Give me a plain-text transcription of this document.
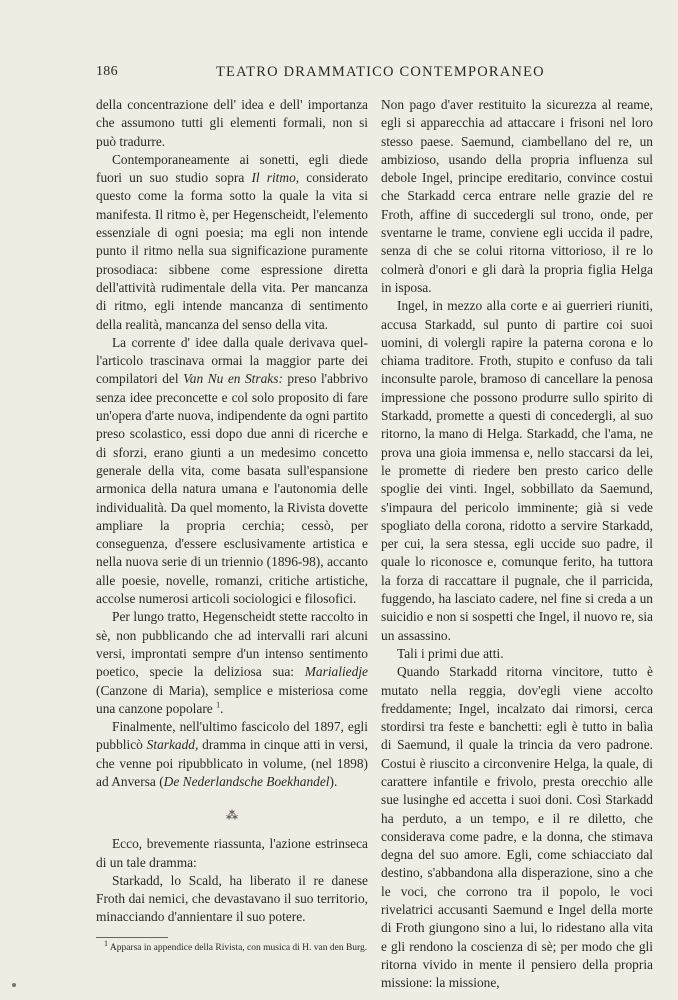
186	TEATRO DRAMMATICO CONTEMPORANEO

della concentrazione dell' idea e dell' importanza che assumono tutti gli elementi formali, non si può tradurre.

Contemporaneamente ai sonetti, egli diede fuori un suo studio sopra Il ritmo, considerato questo come la forma sotto la quale la vita si manifesta. Il ritmo è, per Hegenscheidt, l'elemento essenziale di ogni poesia; ma egli non intende punto il ritmo nella sua significazione puramente prosodiaca: sibbene come espressione diretta dell'attività rudimentale della vita. Per mancanza di ritmo, egli intende mancanza di sentimento della realità, mancanza del senso della vita.

La corrente d' idee dalla quale derivava quell'articolo trascinava ormai la maggior parte dei compilatori del Van Nu en Straks: preso l'abbrivo senza idee preconcette e col solo proposito di fare un'opera d'arte nuova, indipendente da ogni partito preso scolastico, essi dopo due anni di ricerche e di sforzi, erano giunti a un medesimo concetto generale della vita, come basata sull'espansione armonica della natura umana e l'autonomia delle individualità. Da quel momento, la Rivista dovette ampliare la propria cerchia; cessò, per conseguenza, d'essere esclusivamente artistica e nella nuova serie di un triennio (1896-98), accanto alle poesie, novelle, romanzi, critiche artistiche, accolse numerosi articoli sociologici e filosofici.

Per lungo tratto, Hegenscheidt stette raccolto in sè, non pubblicando che ad intervalli rari alcuni versi, improntati sempre d'un intenso sentimento poetico, specie la deliziosa sua: Marialiedje (Canzone di Maria), semplice e misteriosa come una canzone popolare $^1$.

Finalmente, nell'ultimo fascicolo del 1897, egli pubblicò Starkadd, dramma in cinque atti in versi, che venne poi ripubblicato in volume, (nel 1898) ad Anversa (De Nederlandsche Boekhandel).

⁂

Ecco, brevemente riassunta, l'azione estrinseca di un tale dramma:

Starkadd, lo Scald, ha liberato il re danese Froth dai nemici, che devastavano il suo territorio, minacciando d'annientare il suo potere.

$^1$ Apparsa in appendice della Rivista, con musica di H. van den Burg.

Non pago d'aver restituito la sicurezza al reame, egli si apparecchia ad attaccare i frisoni nel loro stesso paese. Saemund, ciambellano del re, un ambizioso, usando della propria influenza sul debole Ingel, principe ereditario, convince costui che Starkadd cerca entrare nelle grazie del re Froth, affine di succedergli sul trono, onde, per sventarne le trame, conviene egli uccida il padre, senza di che se colui ritorna vittorioso, il re lo colmerà d'onori e gli darà la propria figlia Helga in isposa.

Ingel, in mezzo alla corte e ai guerrieri riuniti, accusa Starkadd, sul punto di partire coi suoi uomini, di volergli rapire la paterna corona e lo chiama traditore. Froth, stupito e confuso da tali inconsulte parole, bramoso di cancellare la penosa impressione che possono produrre sullo spirito di Starkadd, promette a questi di concedergli, al suo ritorno, la mano di Helga. Starkadd, che l'ama, ne prova una gioia immensa e, nello staccarsi da lei, le promette di riedere ben presto carico delle spoglie dei vinti. Ingel, sobbillato da Saemund, s'impaura del pericolo imminente; già si vede spogliato della corona, ridotto a servire Starkadd, per cui, la sera stessa, egli uccide suo padre, il quale lo riconosce e, comunque ferito, ha tuttora la forza di raccattare il pugnale, che il parricida, fuggendo, ha lasciato cadere, nel fine si creda a un suicidio e non si sospetti che Ingel, il nuovo re, sia un assassino.

Tali i primi due atti.

Quando Starkadd ritorna vincitore, tutto è mutato nella reggia, dov'egli viene accolto freddamente; Ingel, incalzato dai rimorsi, cerca stordirsi tra feste e banchetti: egli è tutto in balìa di Saemund, il quale la trincia da vero padrone. Costui è riuscito a circonvenire Helga, la quale, di carattere infantile e frivolo, presta orecchio alle sue lusinghe ed accetta i suoi doni. Così Starkadd ha perduto, a un tempo, e il re diletto, che considerava come padre, e la donna, che stimava degna del suo amore. Egli, come schiacciato dal destino, s'abbandona alla disperazione, sino a che le voci, che corrono tra il popolo, le voci rivelatrici accusanti Saemund e Ingel della morte di Froth giungono sino a lui, lo ridestano alla vita e gli rendono la coscienza di sè; per modo che gli ritorna vivido in mente il pensiero della propria missione: la missione,
